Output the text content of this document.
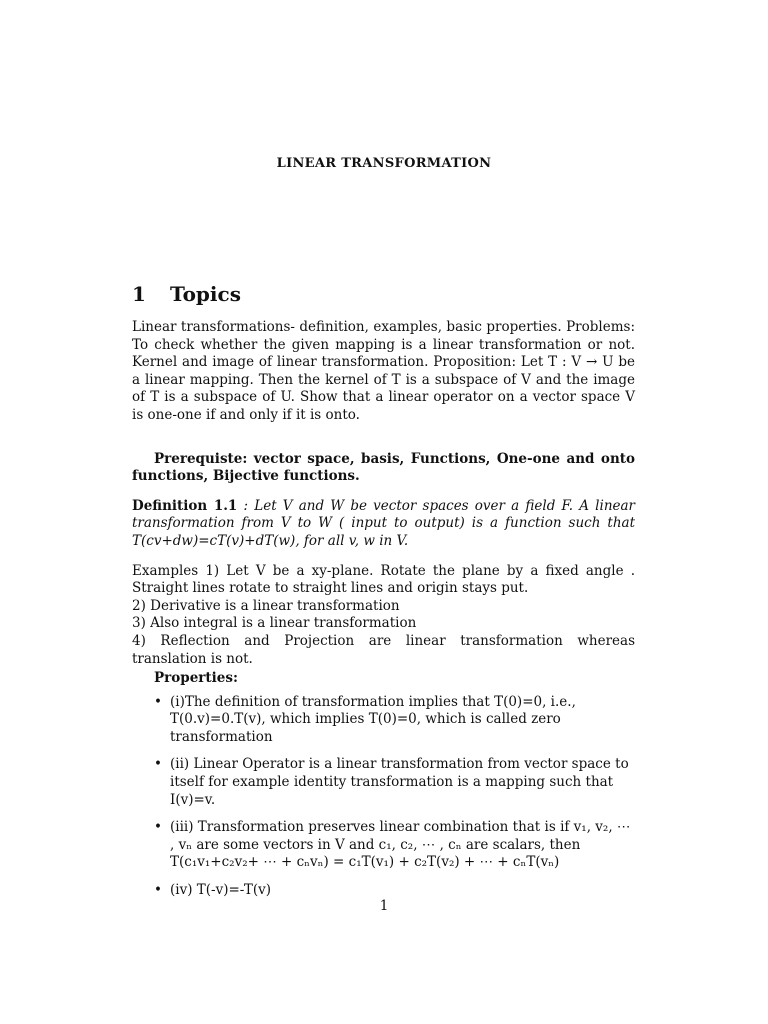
LINEAR TRANSFORMATION
1 Topics

Linear transformations- definition, examples, basic properties. Problems: To check whether the given mapping is a linear transformation or not. Kernel and image of linear transformation. Proposition: Let T : V → U be a linear mapping. Then the kernel of T is a subspace of V and the image of T is a subspace of U. Show that a linear operator on a vector space V is one-one if and only if it is onto.

Prerequiste: vector space, basis, Functions, One-one and onto functions, Bijective functions.

Definition 1.1 : Let V and W be vector spaces over a field F. A linear transformation from V to W ( input to output) is a function such that T(cv+dw)=cT(v)+dT(w), for all v, w in V.

Examples 1) Let V be a xy-plane. Rotate the plane by a fixed angle . Straight lines rotate to straight lines and origin stays put.

2) Derivative is a linear transformation

3) Also integral is a linear transformation

4) Reflection and Projection are linear transformation whereas translation is not.

Properties:

• (i)The definition of transformation implies that T(0)=0, i.e., T(0.v)=0.T(v), which implies T(0)=0, which is called zero transformation
• (ii) Linear Operator is a linear transformation from vector space to itself for example identity transformation is a mapping such that I(v)=v.
• (iii) Transformation preserves linear combination that is if v₁, v₂, ⋯ , vₙ are some vectors in V and c₁, c₂, ⋯ , cₙ are scalars, then T(c₁v₁+c₂v₂+ ⋯ + cₙvₙ) = c₁T(v₁) + c₂T(v₂) + ⋯ + cₙT(vₙ)
• (iv) T(-v)=-T(v)
1
